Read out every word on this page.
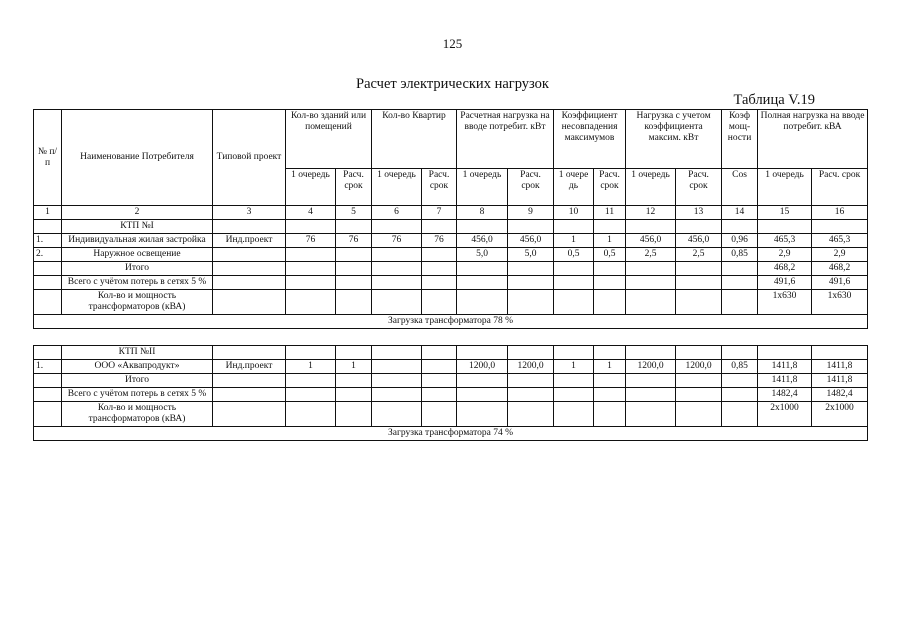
125
Расчет электрических нагрузок
Таблица V.19
№ п/п	Наименование Потребителя	Типовой проект	Кол-во зданий или помещений		Кол-во Квартир		Расчетная нагрузка на вводе потребит. кВт		Коэффициент несовпадения максимумов		Нагрузка с учетом коэффициента максим. кВт		Коэф мощ- ности	Полная нагрузка на вводе потребит. кВА	
			1 очередь	Расч. срок	1 очередь	Расч. срок	1 очередь	Расч. срок	1 очере дь	Расч. срок	1 очередь	Расч. срок	Cos	1 очередь	Расч. срок
1	2	3	4	5	6	7	8	9	10	11	12	13	14	15	16
	КТП №I														
1.	Индивидуальная жилая застройка	Инд.проект	76	76	76	76	456,0	456,0	1	1	456,0	456,0	0,96	465,3	465,3
2.	Наружное освещение						5,0	5,0	0,5	0,5	2,5	2,5	0,85	2,9	2,9
	Итого													468,2	468,2
	Всего с учётом потерь в сетях 5 %													491,6	491,6
	Кол-во и мощность трансформаторов (кВА)													1х630	1х630
Загрузка трансформатора 78 %															

	КТП №II														
1.	ООО «Аквапродукт»	Инд.проект	1	1			1200,0	1200,0	1	1	1200,0	1200,0	0,85	1411,8	1411,8
	Итого													1411,8	1411,8
	Всего с учётом потерь в сетях 5 %													1482,4	1482,4
	Кол-во и мощность трансформаторов (кВА)													2х1000	2х1000
Загрузка трансформатора 74 %															
